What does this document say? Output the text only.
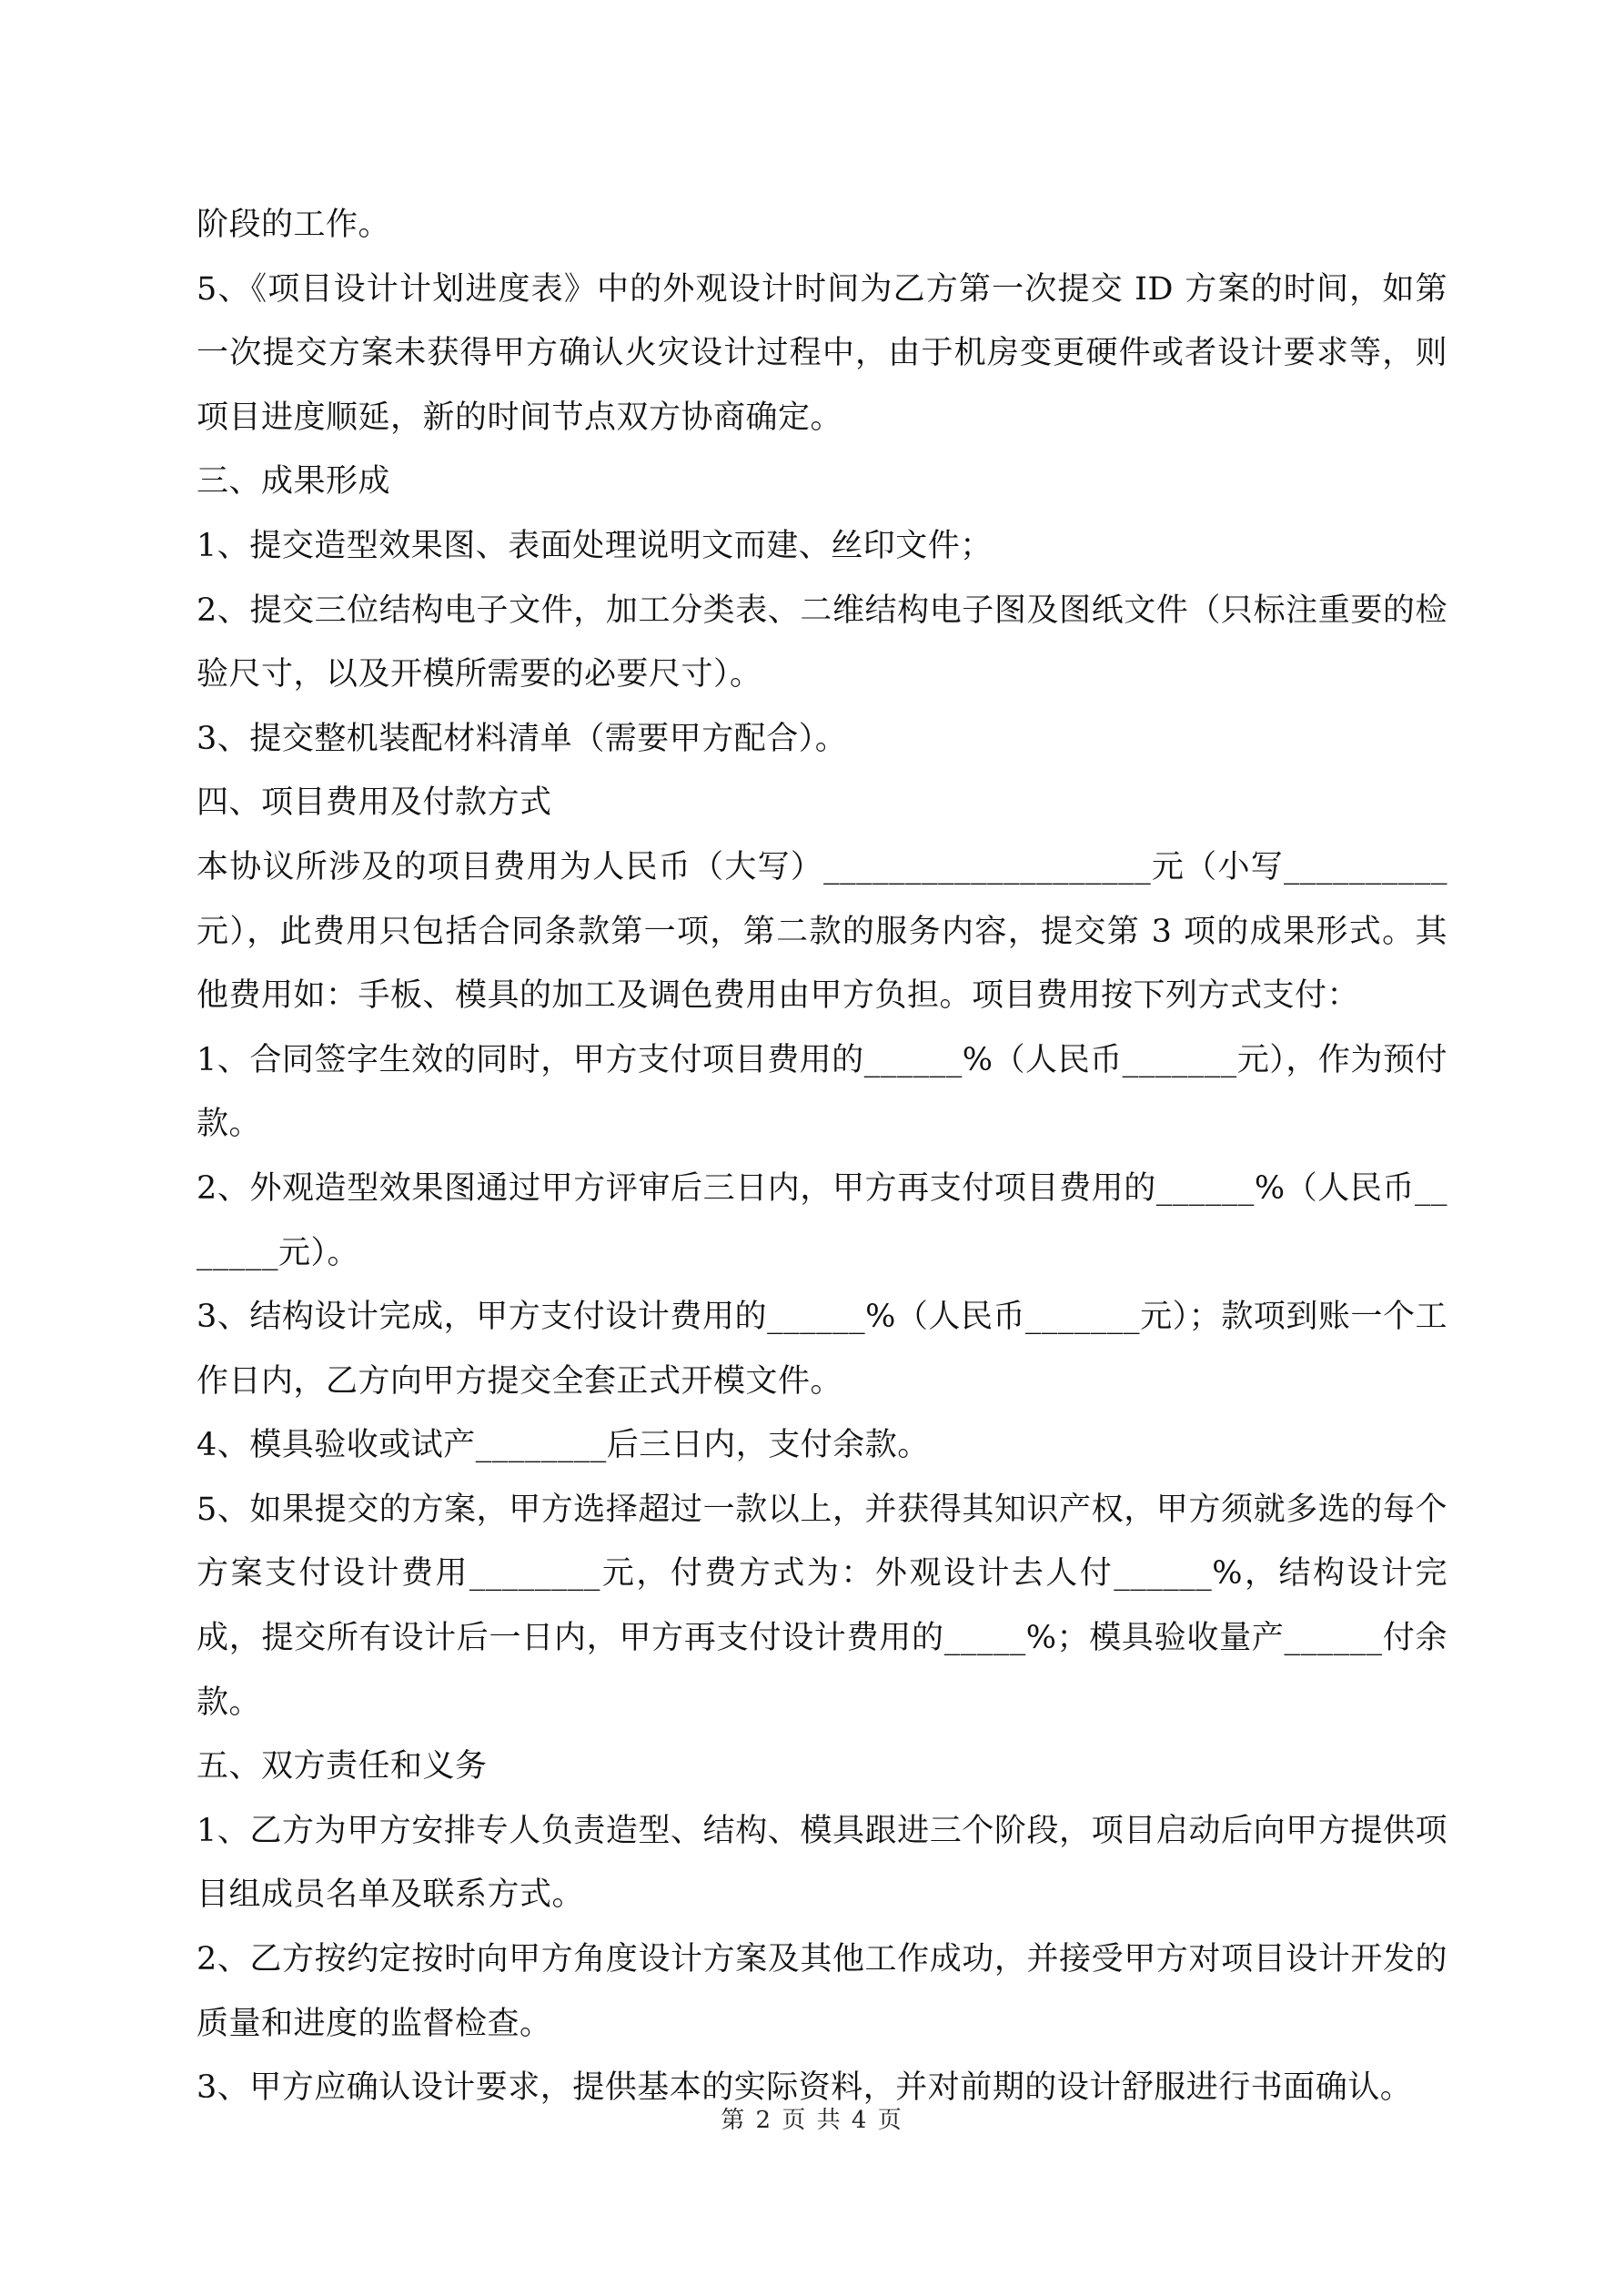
阶段的工作。

5、《项目设计计划进度表》中的外观设计时间为乙方第一次提交 ID 方案的时间，如第一次提交方案未获得甲方确认火灾设计过程中，由于机房变更硬件或者设计要求等，则项目进度顺延，新的时间节点双方协商确定。

三、成果形成

1、提交造型效果图、表面处理说明文而建、丝印文件；

2、提交三位结构电子文件，加工分类表、二维结构电子图及图纸文件（只标注重要的检验尺寸，以及开模所需要的必要尺寸）。

3、提交整机装配材料清单（需要甲方配合）。

四、项目费用及付款方式

本协议所涉及的项目费用为人民币（大写）____________________元（小写__________元），此费用只包括合同条款第一项，第二款的服务内容，提交第 3 项的成果形式。其他费用如：手板、模具的加工及调色费用由甲方负担。项目费用按下列方式支付：

1、合同签字生效的同时，甲方支付项目费用的______%（人民币_______元），作为预付款。

2、外观造型效果图通过甲方评审后三日内，甲方再支付项目费用的______%（人民币_______元）。

3、结构设计完成，甲方支付设计费用的______%（人民币_______元）；款项到账一个工作日内，乙方向甲方提交全套正式开模文件。

4、模具验收或试产________后三日内，支付余款。

5、如果提交的方案，甲方选择超过一款以上，并获得其知识产权，甲方须就多选的每个方案支付设计费用________元，付费方式为：外观设计去人付______%，结构设计完成，提交所有设计后一日内，甲方再支付设计费用的_____%；模具验收量产______付余款。

五、双方责任和义务

1、乙方为甲方安排专人负责造型、结构、模具跟进三个阶段，项目启动后向甲方提供项目组成员名单及联系方式。

2、乙方按约定按时向甲方角度设计方案及其他工作成功，并接受甲方对项目设计开发的质量和进度的监督检查。

3、甲方应确认设计要求，提供基本的实际资料，并对前期的设计舒服进行书面确认。

第 2 页 共 4 页
